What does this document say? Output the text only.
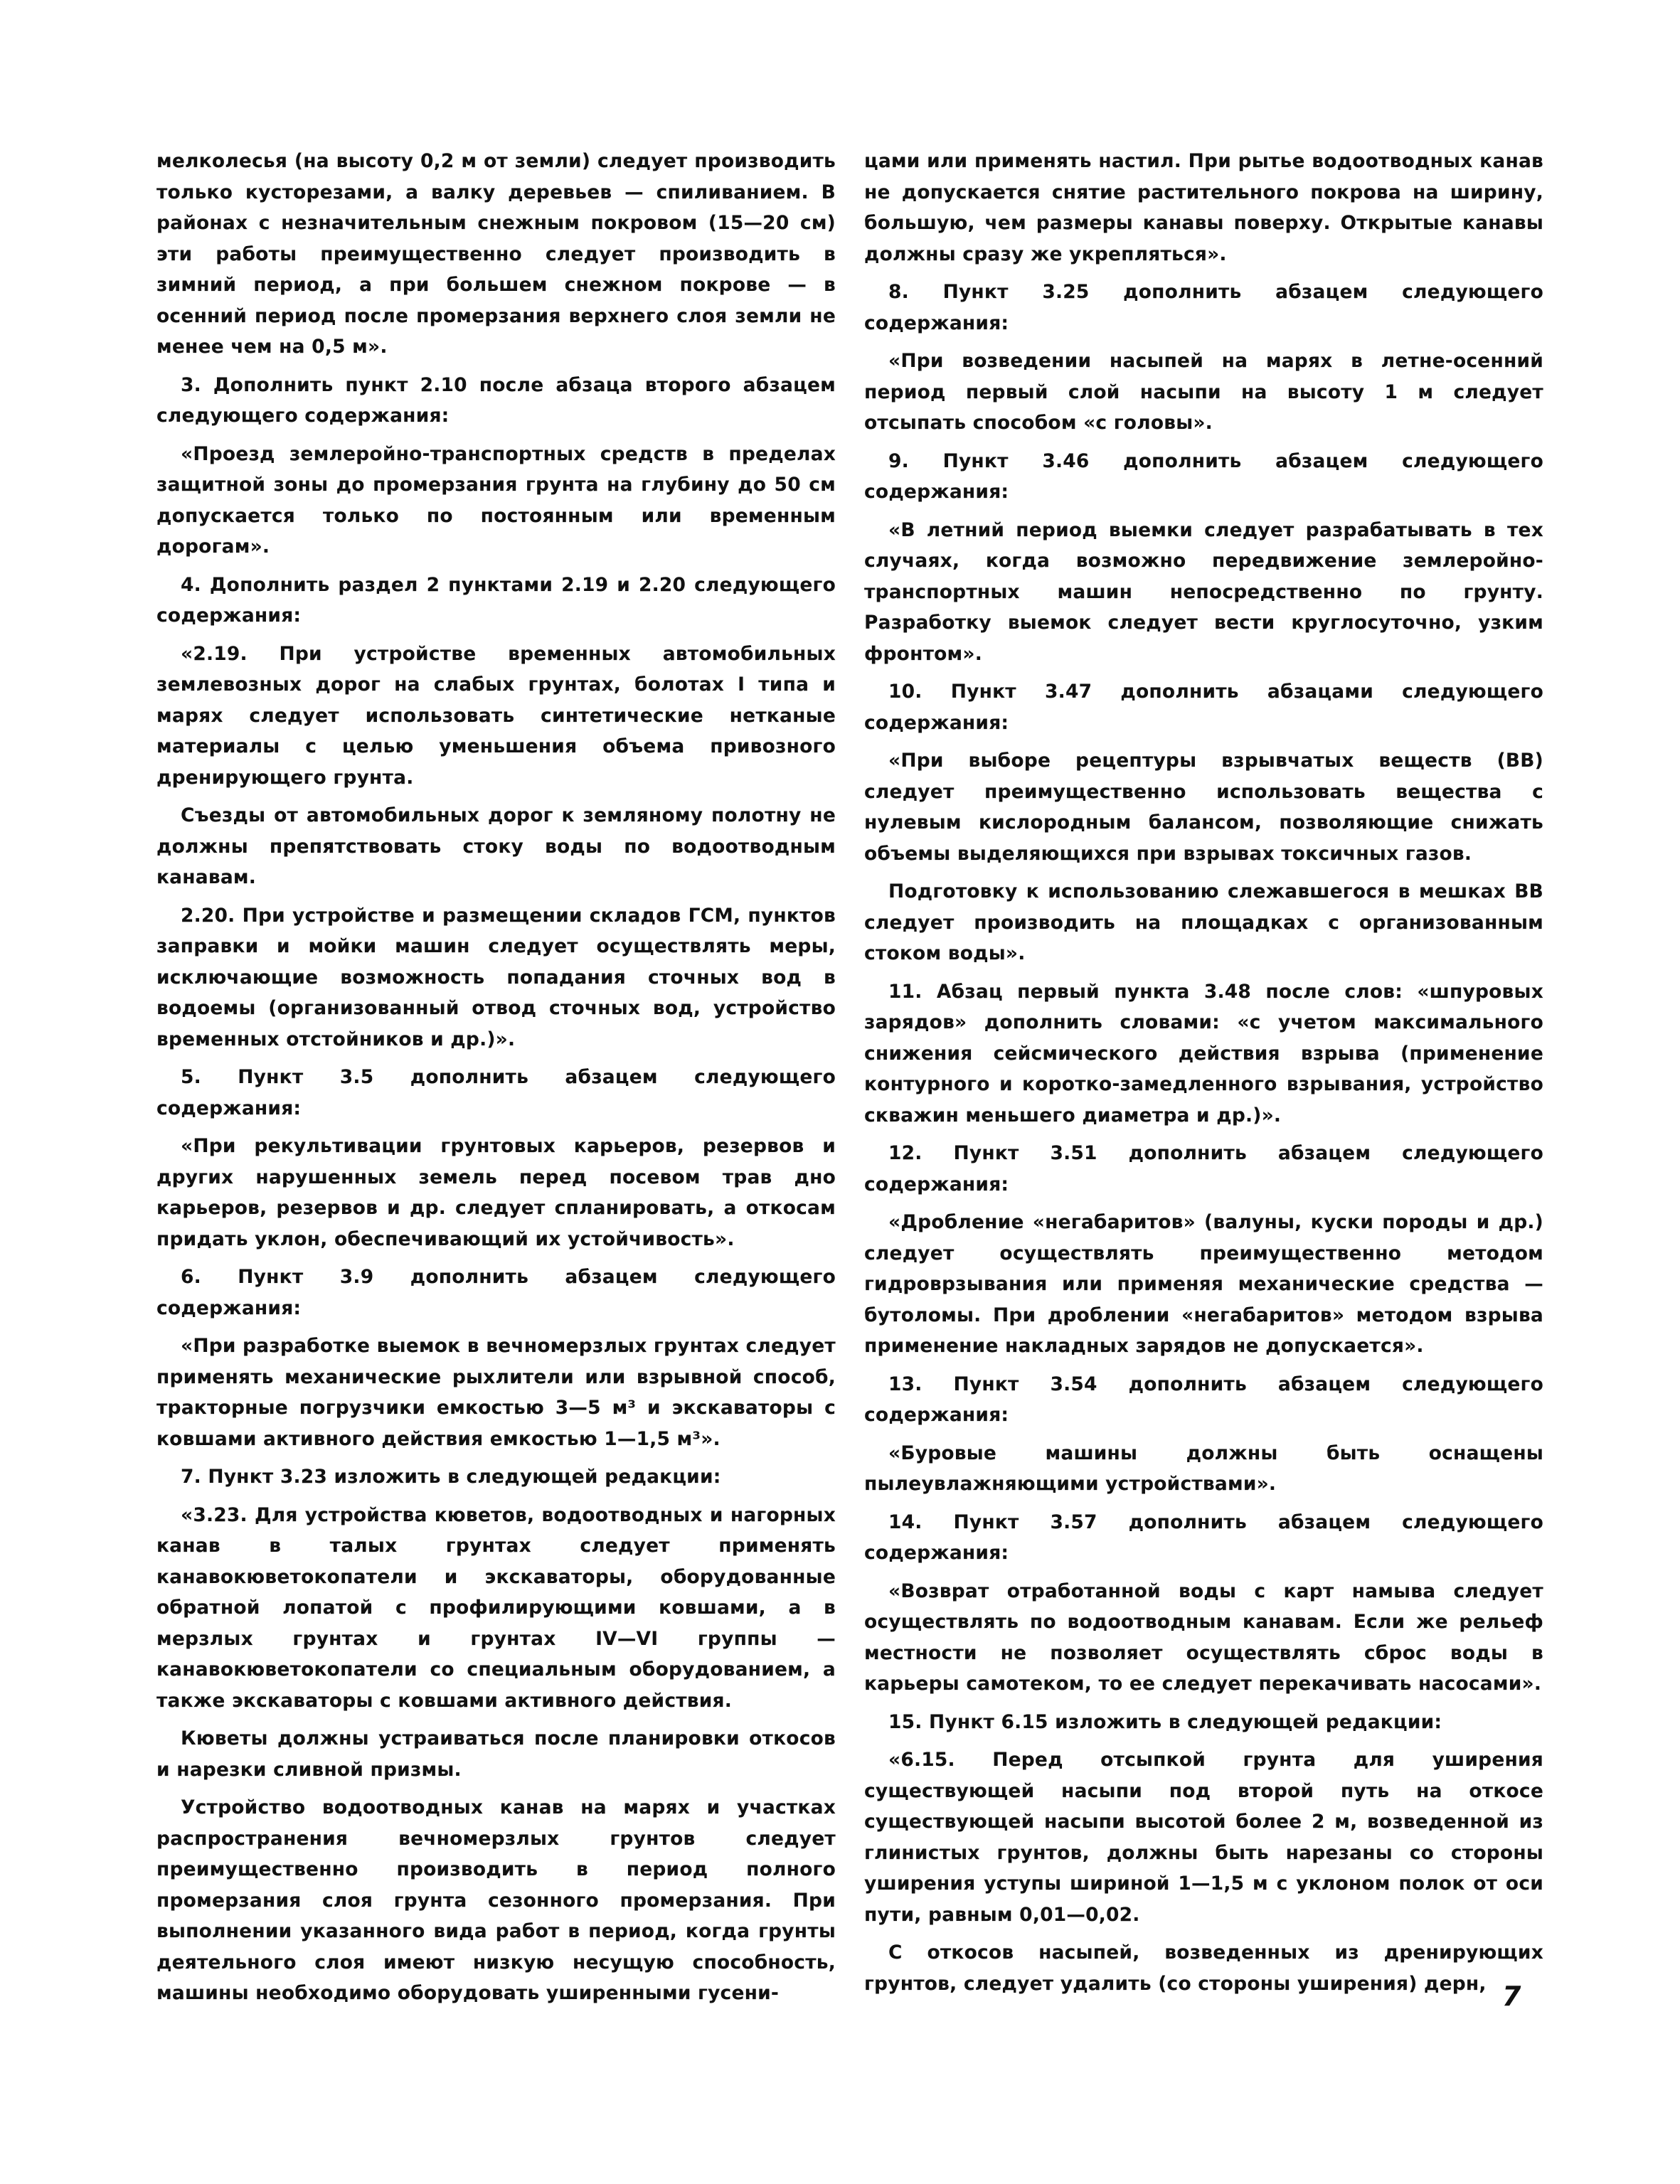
мелколесья (на высоту 0,2 м от земли) следует производить только кусторезами, а валку деревьев — спиливанием. В районах с незначительным снежным покровом (15—20 см) эти работы преимущественно следует производить в зимний период, а при большем снежном покрове — в осенний период после промерзания верхнего слоя земли не менее чем на 0,5 м».

3. Дополнить пункт 2.10 после абзаца второго абзацем следующего содержания:

«Проезд землеройно-транспортных средств в пределах защитной зоны до промерзания грунта на глубину до 50 см допускается только по постоянным или временным дорогам».

4. Дополнить раздел 2 пунктами 2.19 и 2.20 следующего содержания:

«2.19. При устройстве временных автомобильных землевозных дорог на слабых грунтах, болотах I типа и марях следует использовать синтетические нетканые материалы с целью уменьшения объема привозного дренирующего грунта.

Съезды от автомобильных дорог к земляному полотну не должны препятствовать стоку воды по водоотводным канавам.

2.20. При устройстве и размещении складов ГСМ, пунктов заправки и мойки машин следует осуществлять меры, исключающие возможность попадания сточных вод в водоемы (организованный отвод сточных вод, устройство временных отстойников и др.)».

5. Пункт 3.5 дополнить абзацем следующего содержания:

«При рекультивации грунтовых карьеров, резервов и других нарушенных земель перед посевом трав дно карьеров, резервов и др. следует спланировать, а откосам придать уклон, обеспечивающий их устойчивость».

6. Пункт 3.9 дополнить абзацем следующего содержания:

«При разработке выемок в вечномерзлых грунтах следует применять механические рыхлители или взрывной способ, тракторные погрузчики емкостью 3—5 м³ и экскаваторы с ковшами активного действия емкостью 1—1,5 м³».

7. Пункт 3.23 изложить в следующей редакции:

«3.23. Для устройства кюветов, водоотводных и нагорных канав в талых грунтах следует применять канавокюветокопатели и экскаваторы, оборудованные обратной лопатой с профилирующими ковшами, а в мерзлых грунтах и грунтах IV—VI группы — канавокюветокопатели со специальным оборудованием, а также экскаваторы с ковшами активного действия.

Кюветы должны устраиваться после планировки откосов и нарезки сливной призмы.

Устройство водоотводных канав на марях и участках распространения вечномерзлых грунтов следует преимущественно производить в период полного промерзания слоя грунта сезонного промерзания. При выполнении указанного вида работ в период, когда грунты деятельного слоя имеют низкую несущую способность, машины необходимо оборудовать уширенными гусени-

цами или применять настил. При рытье водоотводных канав не допускается снятие растительного покрова на ширину, большую, чем размеры канавы поверху. Открытые канавы должны сразу же укрепляться».

8. Пункт 3.25 дополнить абзацем следующего содержания:

«При возведении насыпей на марях в летне-осенний период первый слой насыпи на высоту 1 м следует отсыпать способом «с головы».

9. Пункт 3.46 дополнить абзацем следующего содержания:

«В летний период выемки следует разрабатывать в тех случаях, когда возможно передвижение землеройно-транспортных машин непосредственно по грунту. Разработку выемок следует вести круглосуточно, узким фронтом».

10. Пункт 3.47 дополнить абзацами следующего содержания:

«При выборе рецептуры взрывчатых веществ (ВВ) следует преимущественно использовать вещества с нулевым кислородным балансом, позволяющие снижать объемы выделяющихся при взрывах токсичных газов.

Подготовку к использованию слежавшегося в мешках ВВ следует производить на площадках с организованным стоком воды».

11. Абзац первый пункта 3.48 после слов: «шпуровых зарядов» дополнить словами: «с учетом максимального снижения сейсмического действия взрыва (применение контурного и коротко-замедленного взрывания, устройство скважин меньшего диаметра и др.)».

12. Пункт 3.51 дополнить абзацем следующего содержания:

«Дробление «негабаритов» (валуны, куски породы и др.) следует осуществлять преимущественно методом гидроврзывания или применяя механические средства — бутоломы. При дроблении «негабаритов» методом взрыва применение накладных зарядов не допускается».

13. Пункт 3.54 дополнить абзацем следующего содержания:

«Буровые машины должны быть оснащены пылеувлажняющими устройствами».

14. Пункт 3.57 дополнить абзацем следующего содержания:

«Возврат отработанной воды с карт намыва следует осуществлять по водоотводным канавам. Если же рельеф местности не позволяет осуществлять сброс воды в карьеры самотеком, то ее следует перекачивать насосами».

15. Пункт 6.15 изложить в следующей редакции:

«6.15. Перед отсыпкой грунта для уширения существующей насыпи под второй путь на откосе существующей насыпи высотой более 2 м, возведенной из глинистых грунтов, должны быть нарезаны со стороны уширения уступы шириной 1—1,5 м с уклоном полок от оси пути, равным 0,01—0,02.

С откосов насыпей, возведенных из дренирующих грунтов, следует удалить (со стороны уширения) дерн, 7
